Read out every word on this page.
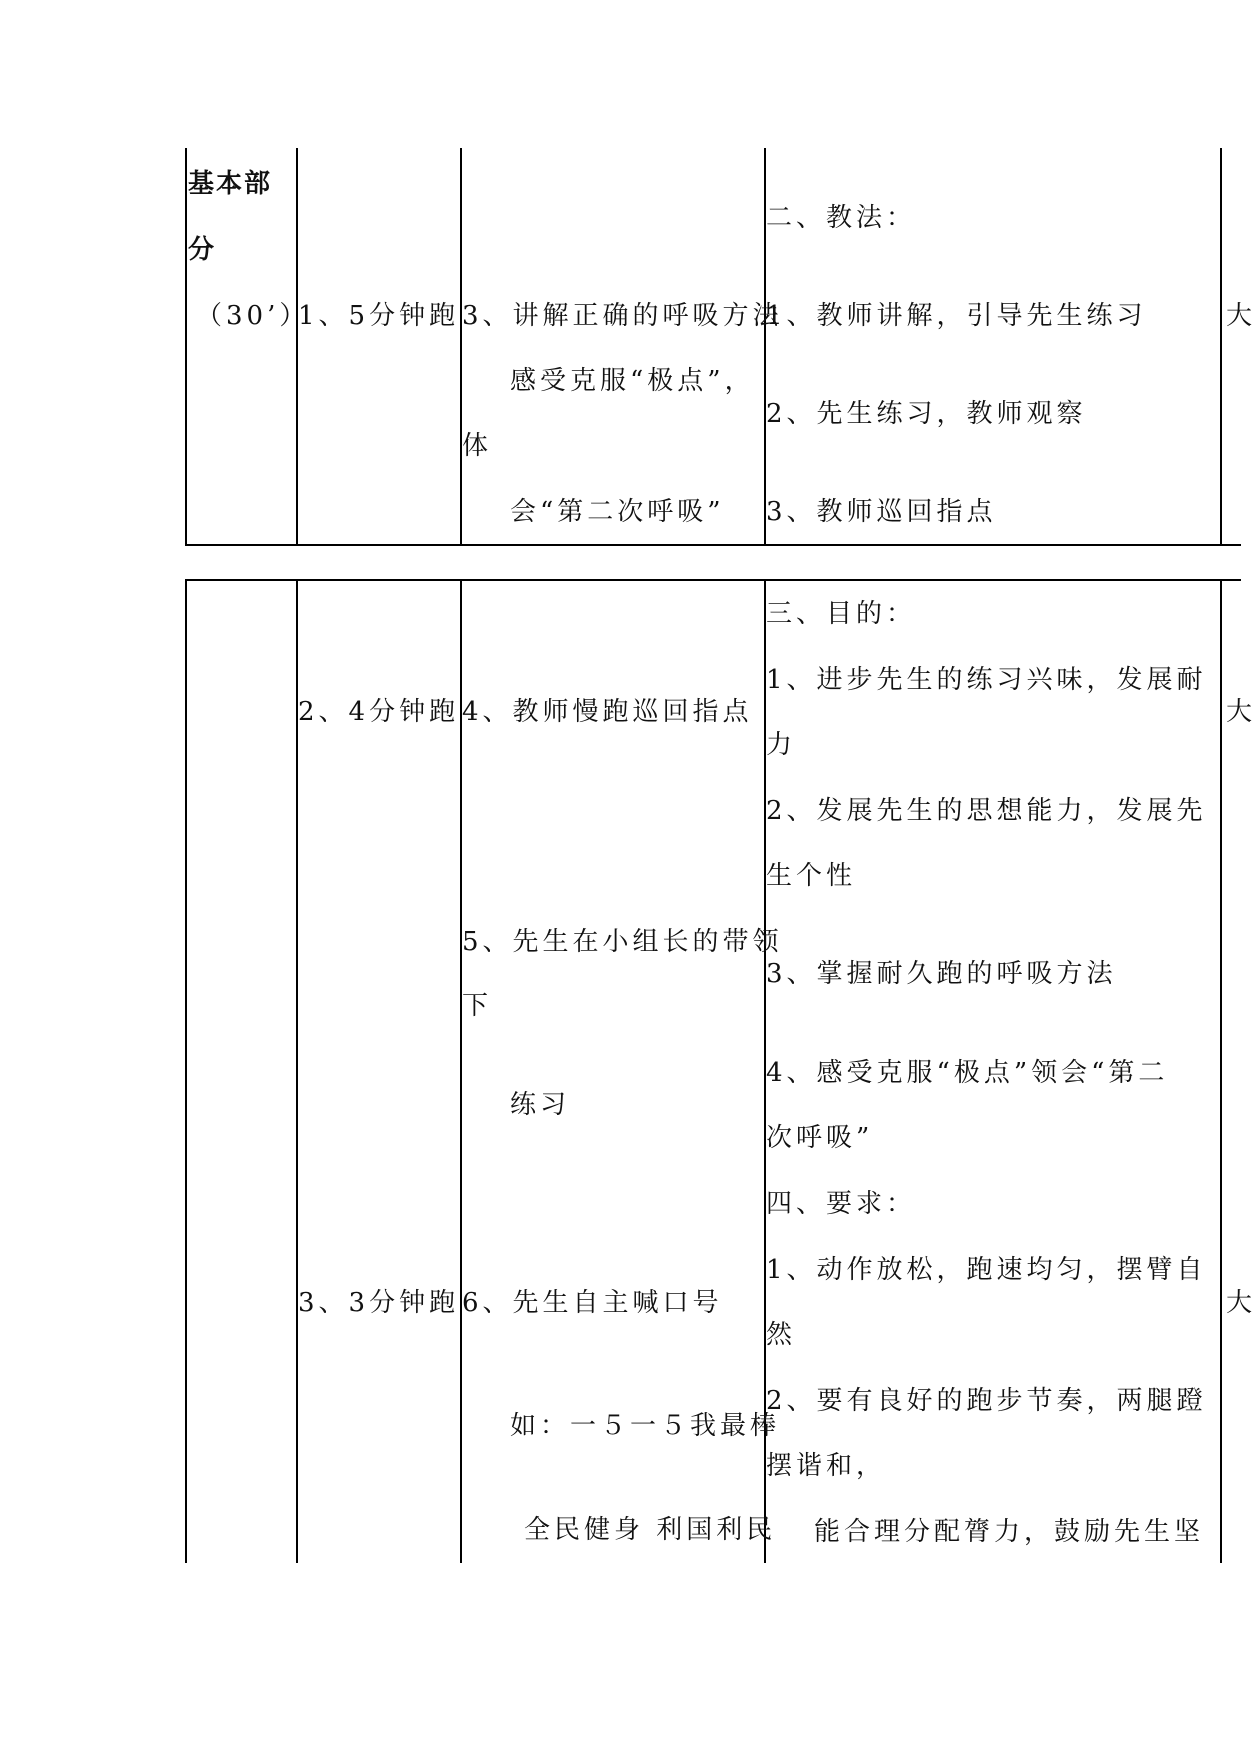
基本部
分
（30’）
1、5分钟跑 3、讲解正确的呼吸方法
感受克服“极点”，
体
会“第二次呼吸”
二、教法：
1、教师讲解，引导先生练习
2、先生练习，教师观察
3、教师巡回指点
大
2、4分钟跑
3、3分钟跑
4、教师慢跑巡回指点
5、先生在小组长的带领
下
练习
6、先生自主喊口号
如：一５一５我最棒
全民健身 利国利民
三、目的：
1、进步先生的练习兴味，发展耐
力
2、发展先生的思想能力，发展先
生个性
3、掌握耐久跑的呼吸方法
4、感受克服“极点”领会“第二
次呼吸”
四、要求：
1、动作放松，跑速均匀，摆臂自
然
2、要有良好的跑步节奏，两腿蹬
摆谐和，
能合理分配膂力，鼓励先生坚
大
大
